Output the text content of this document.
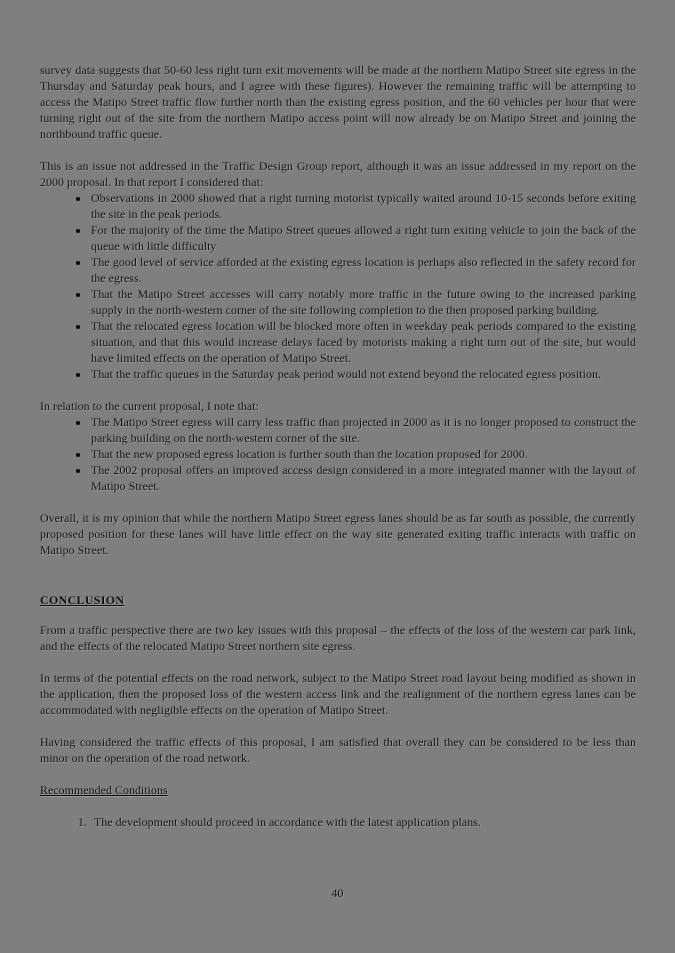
survey data suggests that 50-60 less right turn exit movements will be made at the northern Matipo Street site egress in the Thursday and Saturday peak hours, and I agree with these figures). However the remaining traffic will be attempting to access the Matipo Street traffic flow further north than the existing egress position, and the 60 vehicles per hour that were turning right out of the site from the northern Matipo access point will now already be on Matipo Street and joining the northbound traffic queue.

This is an issue not addressed in the Traffic Design Group report, although it was an issue addressed in my report on the 2000 proposal. In that report I considered that:

• Observations in 2000 showed that a right turning motorist typically waited around 10-15 seconds before exiting the site in the peak periods.
• For the majority of the time the Matipo Street queues allowed a right turn exiting vehicle to join the back of the queue with little difficulty
• The good level of service afforded at the existing egress location is perhaps also reflected in the safety record for the egress.
• That the Matipo Street accesses will carry notably more traffic in the future owing to the increased parking supply in the north-western corner of the site following completion to the then proposed parking building.
• That the relocated egress location will be blocked more often in weekday peak periods compared to the existing situation, and that this would increase delays faced by motorists making a right turn out of the site, but would have limited effects on the operation of Matipo Street.
• That the traffic queues in the Saturday peak period would not extend beyond the relocated egress position.

In relation to the current proposal, I note that:

• The Matipo Street egress will carry less traffic than projected in 2000 as it is no longer proposed to construct the parking building on the north-western corner of the site.
• That the new proposed egress location is further south than the location proposed for 2000.
• The 2002 proposal offers an improved access design considered in a more integrated manner with the layout of Matipo Street.

Overall, it is my opinion that while the northern Matipo Street egress lanes should be as far south as possible, the currently proposed position for these lanes will have little effect on the way site generated exiting traffic interacts with traffic on Matipo Street.

CONCLUSION

From a traffic perspective there are two key issues with this proposal – the effects of the loss of the western car park link, and the effects of the relocated Matipo Street northern site egress.

In terms of the potential effects on the road network, subject to the Matipo Street road layout being modified as shown in the application, then the proposed loss of the western access link and the realignment of the northern egress lanes can be accommodated with negligible effects on the operation of Matipo Street.

Having considered the traffic effects of this proposal, I am satisfied that overall they can be considered to be less than minor on the operation of the road network.

Recommended Conditions
1. The development should proceed in accordance with the latest application plans.
40
